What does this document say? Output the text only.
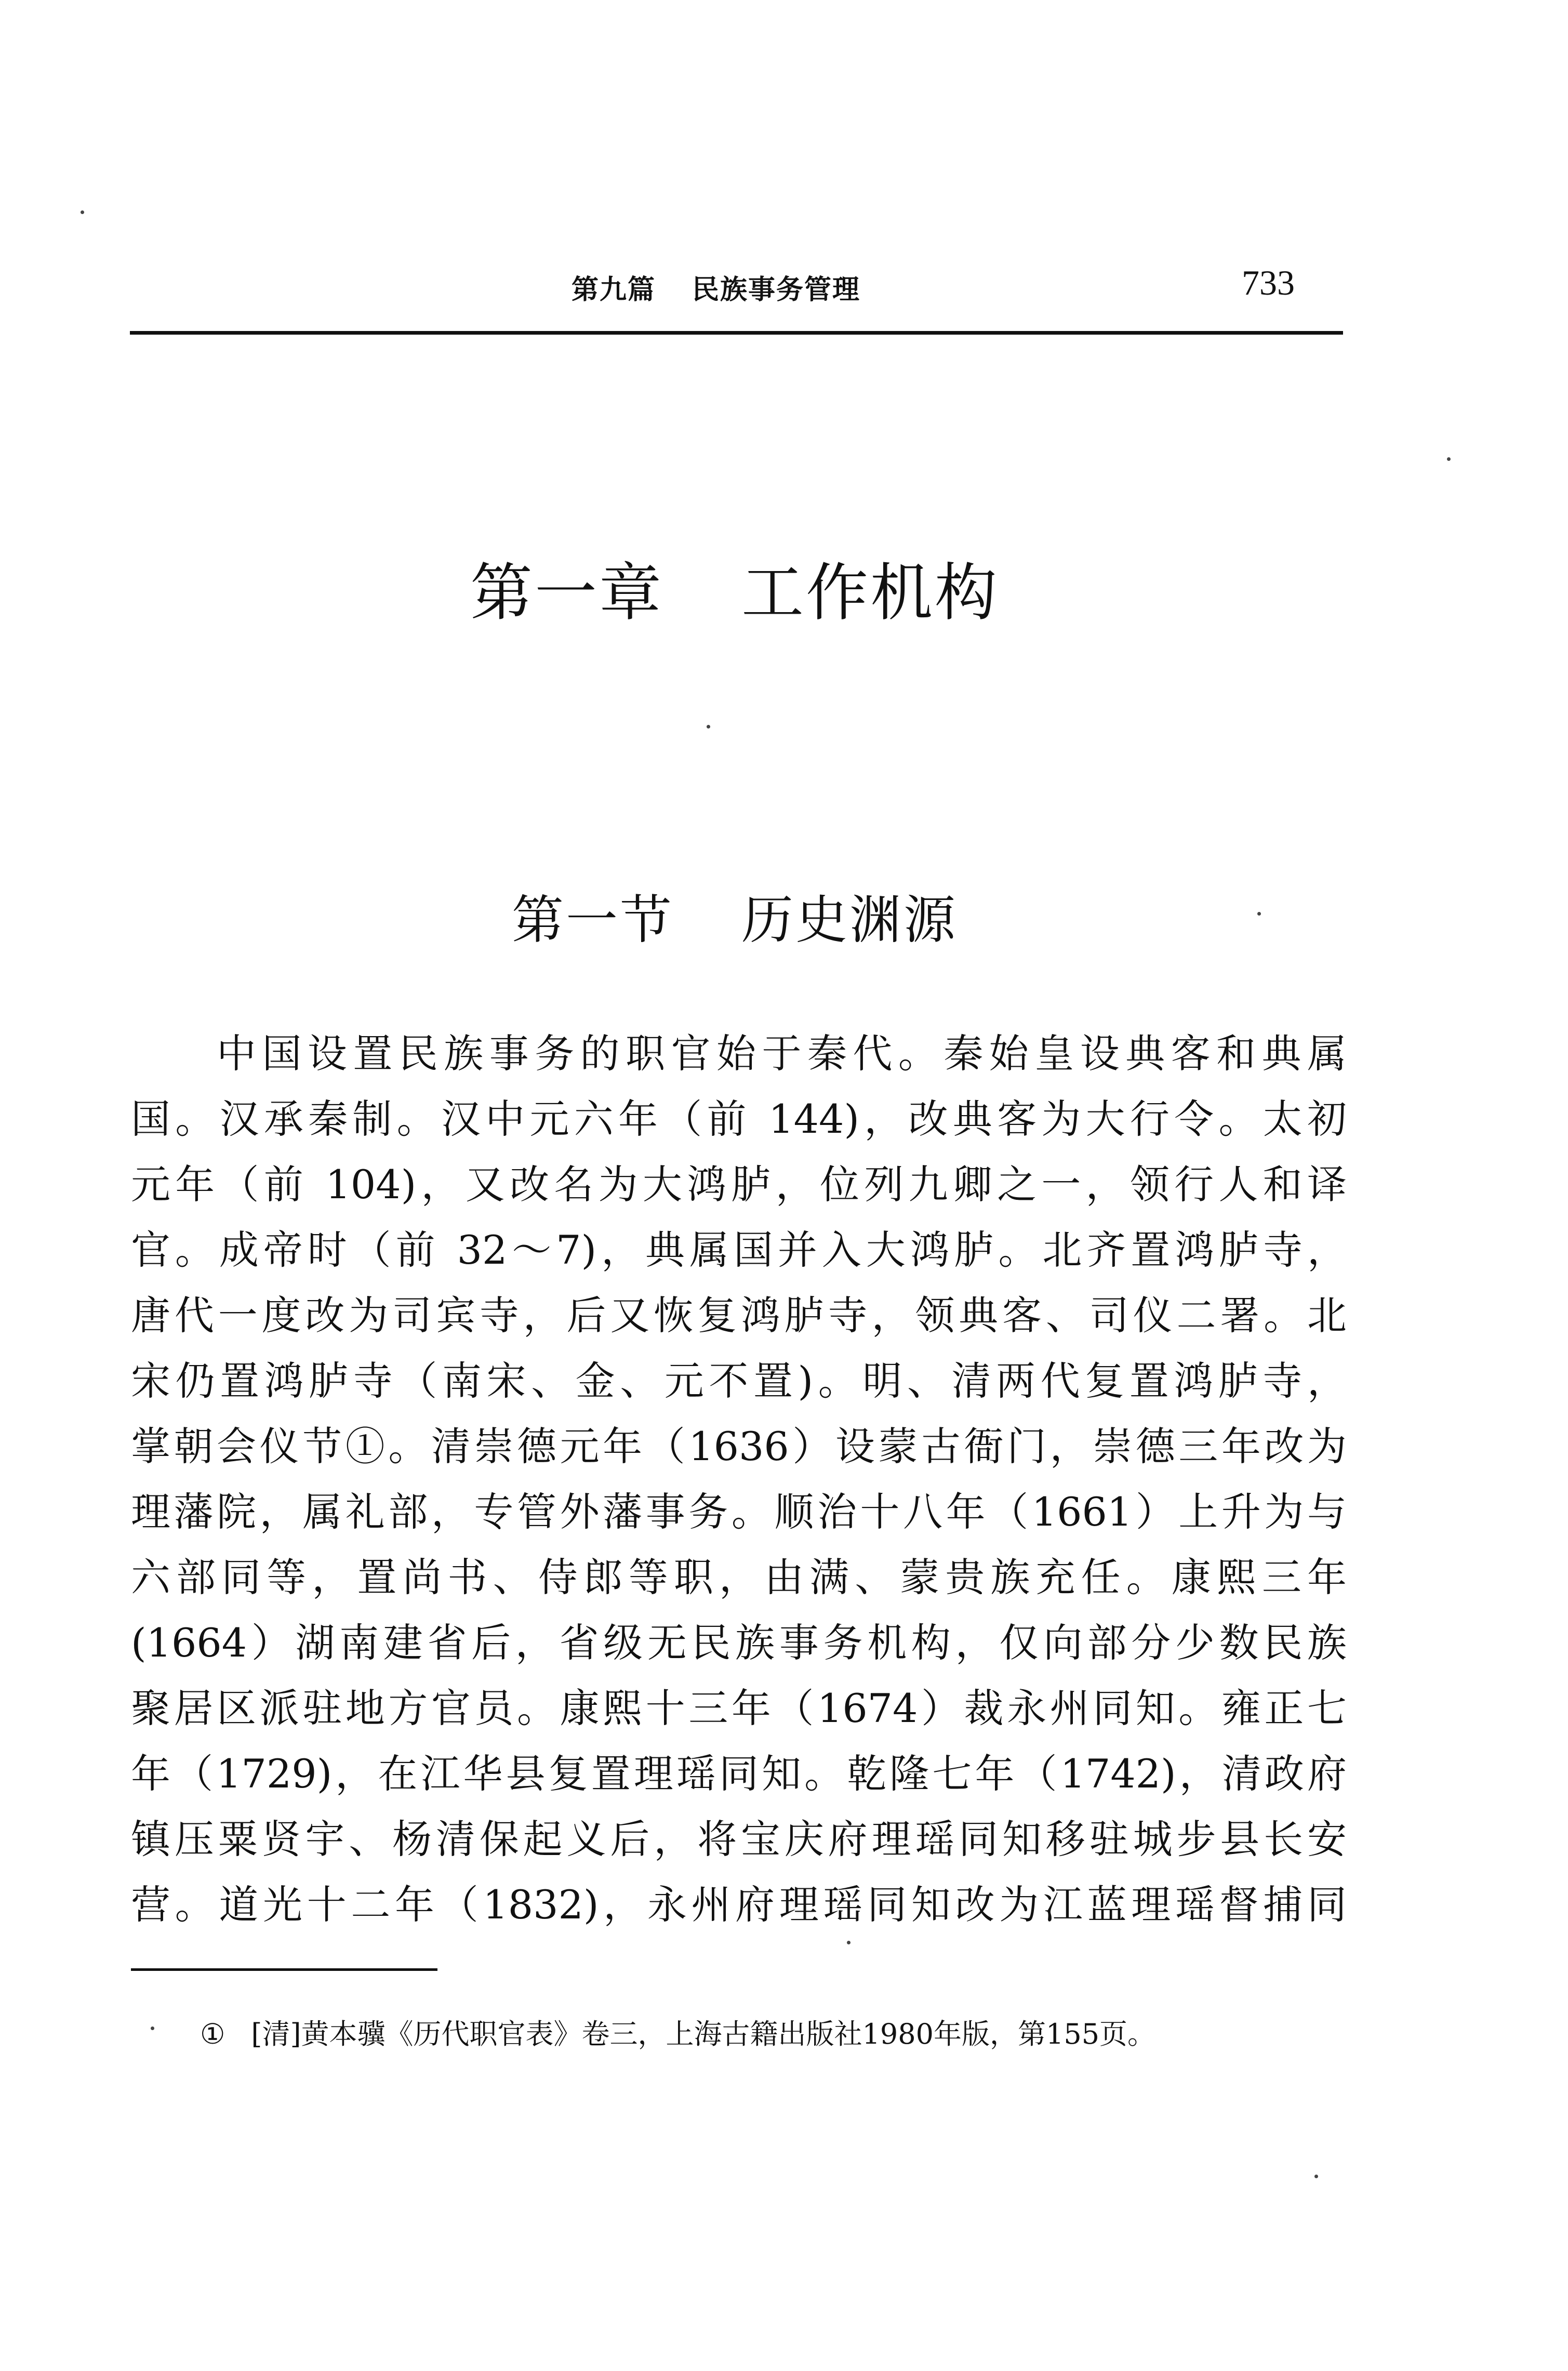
第九篇 民族事务管理	733
第一章 工作机构
第一节 历史渊源
中国设置民族事务的职官始于秦代。秦始皇设典客和典属
国。汉承秦制。汉中元六年（前 144)，改典客为大行令。太初
元年（前 104)，又改名为大鸿胪，位列九卿之一，领行人和译
官。成帝时（前 32～7)，典属国并入大鸿胪。北齐置鸿胪寺，
唐代一度改为司宾寺，后又恢复鸿胪寺，领典客、司仪二署。北
宋仍置鸿胪寺（南宋、金、元不置)。明、清两代复置鸿胪寺，
掌朝会仪节①。清崇德元年（1636）设蒙古衙门，崇德三年改为
理藩院，属礼部，专管外藩事务。顺治十八年（1661）上升为与
六部同等，置尚书、侍郎等职，由满、蒙贵族充任。康熙三年
(1664）湖南建省后，省级无民族事务机构，仅向部分少数民族
聚居区派驻地方官员。康熙十三年（1674）裁永州同知。雍正七
年（1729)，在江华县复置理瑶同知。乾隆七年（1742)，清政府
镇压粟贤宇、杨清保起义后，将宝庆府理瑶同知移驻城步县长安
营。道光十二年（1832)，永州府理瑶同知改为江蓝理瑶督捕同
① [清]黄本骥《历代职官表》卷三，上海古籍出版社1980年版，第155页。
